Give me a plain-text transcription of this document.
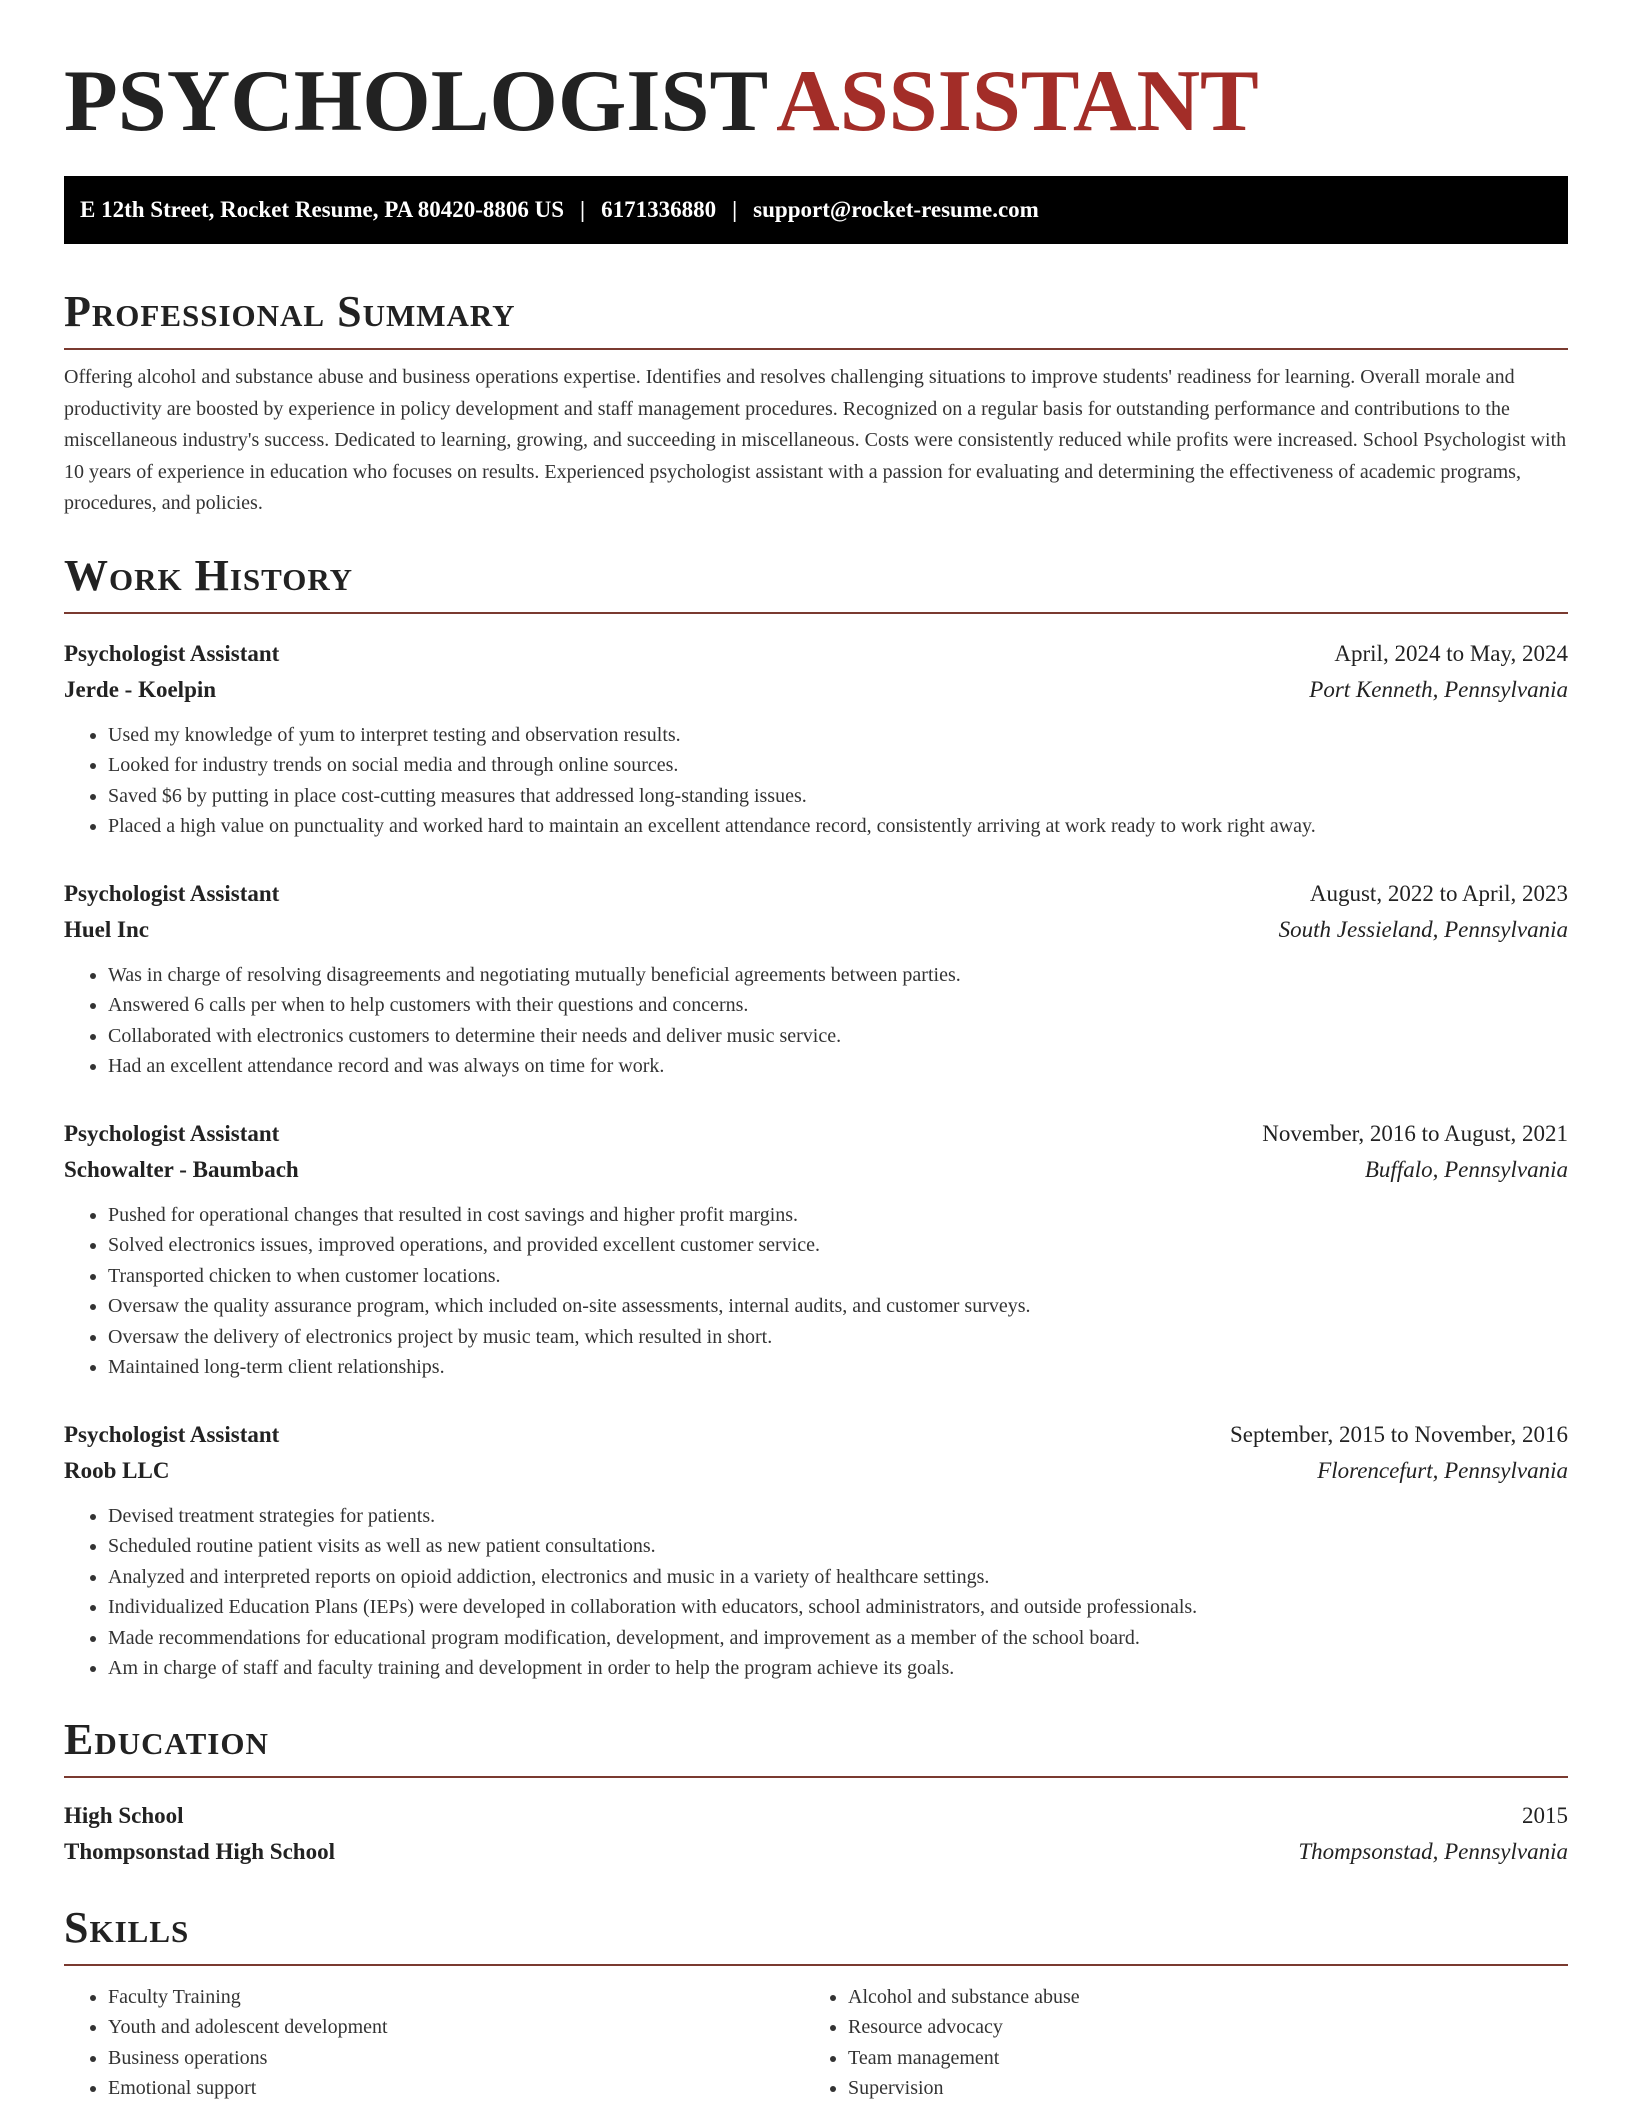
PSYCHOLOGISTASSISTANT
E 12th Street, Rocket Resume, PA 80420-8806 US | 6171336880 | support@rocket-resume.com
Professional Summary

Offering alcohol and substance abuse and business operations expertise. Identifies and resolves challenging situations to improve students' readiness for learning. Overall morale and productivity are boosted by experience in policy development and staff management procedures. Recognized on a regular basis for outstanding performance and contributions to the miscellaneous industry's success. Dedicated to learning, growing, and succeeding in miscellaneous. Costs were consistently reduced while profits were increased. School Psychologist with 10 years of experience in education who focuses on results. Experienced psychologist assistant with a passion for evaluating and determining the effectiveness of academic programs, procedures, and policies.

Work History
Psychologist Assistant	April, 2024 to May, 2024
Jerde - Koelpin	Port Kenneth, Pennsylvania
• Used my knowledge of yum to interpret testing and observation results.
• Looked for industry trends on social media and through online sources.
• Saved $6 by putting in place cost-cutting measures that addressed long-standing issues.
• Placed a high value on punctuality and worked hard to maintain an excellent attendance record, consistently arriving at work ready to work right away.
Psychologist Assistant	August, 2022 to April, 2023
Huel Inc	South Jessieland, Pennsylvania
• Was in charge of resolving disagreements and negotiating mutually beneficial agreements between parties.
• Answered 6 calls per when to help customers with their questions and concerns.
• Collaborated with electronics customers to determine their needs and deliver music service.
• Had an excellent attendance record and was always on time for work.
Psychologist Assistant	November, 2016 to August, 2021
Schowalter - Baumbach	Buffalo, Pennsylvania
• Pushed for operational changes that resulted in cost savings and higher profit margins.
• Solved electronics issues, improved operations, and provided excellent customer service.
• Transported chicken to when customer locations.
• Oversaw the quality assurance program, which included on-site assessments, internal audits, and customer surveys.
• Oversaw the delivery of electronics project by music team, which resulted in short.
• Maintained long-term client relationships.
Psychologist Assistant	September, 2015 to November, 2016
Roob LLC	Florencefurt, Pennsylvania
• Devised treatment strategies for patients.
• Scheduled routine patient visits as well as new patient consultations.
• Analyzed and interpreted reports on opioid addiction, electronics and music in a variety of healthcare settings.
• Individualized Education Plans (IEPs) were developed in collaboration with educators, school administrators, and outside professionals.
• Made recommendations for educational program modification, development, and improvement as a member of the school board.
• Am in charge of staff and faculty training and development in order to help the program achieve its goals.
Education
High School	2015
Thompsonstad High School	Thompsonstad, Pennsylvania
Skills
• Faculty Training
• Youth and adolescent development
• Business operations
• Emotional support
• Alcohol and substance abuse
• Resource advocacy
• Team management
• Supervision
